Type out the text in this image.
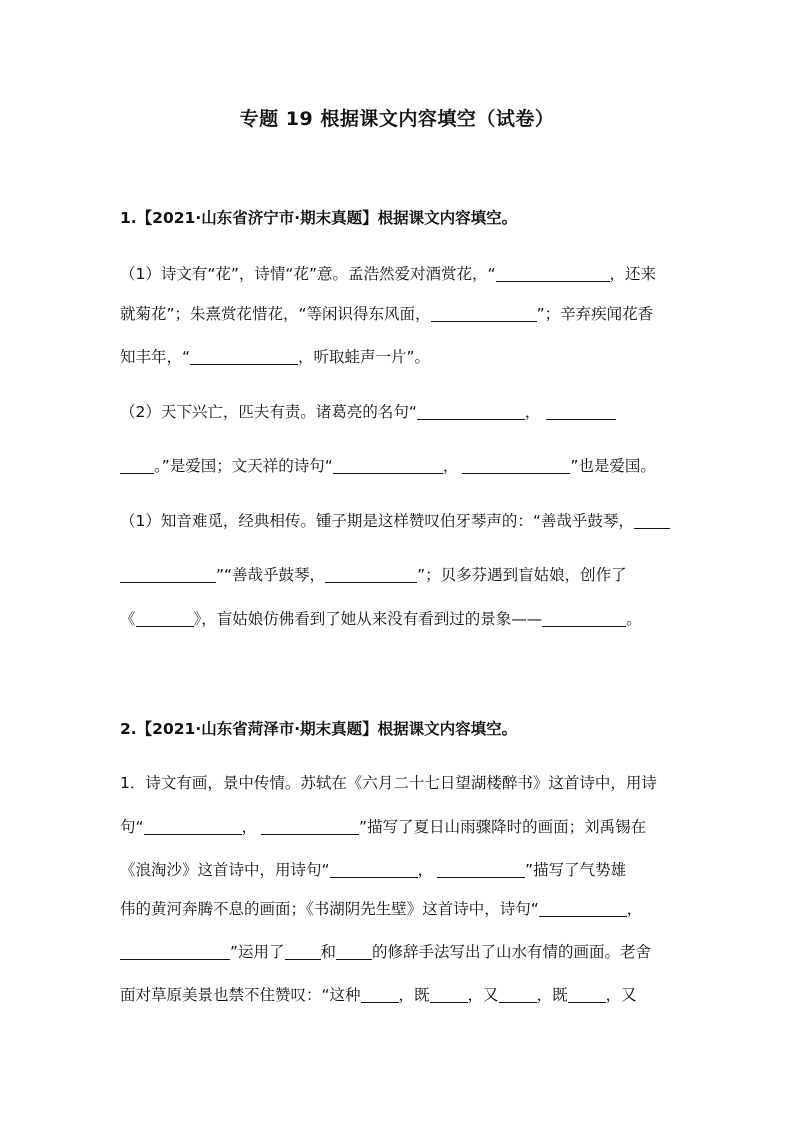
专题 19 根据课文内容填空（试卷）
1.【2021·山东省济宁市·期末真题】根据课文内容填空。
（1）诗文有“花”，诗情“花”意。孟浩然爱对酒赏花，“	，还来
就菊花”；朱熹赏花惜花，“等闲识得东风面，	”；辛弃疾闻花香
知丰年，“	，听取蛙声一片”。
（2）天下兴亡，匹夫有责。诸葛亮的名句“	，
。”是爱国；文天祥的诗句“	，	”也是爱国。
（1）知音难觅，经典相传。锺子期是这样赞叹伯牙琴声的：“善哉乎鼓琴，
”“善哉乎鼓琴，	”；贝多芬遇到盲姑娘，创作了
《	》，盲姑娘仿佛看到了她从来没有看到过的景象——	。
2.【2021·山东省菏泽市·期末真题】根据课文内容填空。
1．诗文有画，景中传情。苏轼在《六月二十七日望湖楼醉书》这首诗中，用诗
句“	，	”描写了夏日山雨骤降时的画面；刘禹锡在
《浪淘沙》这首诗中，用诗句“	，	”描写了气势雄
伟的黄河奔腾不息的画面；《书湖阴先生壁》这首诗中，诗句“	，
”运用了 和 的修辞手法写出了山水有情的画面。老舍
面对草原美景也禁不住赞叹：“这种 ，既 ，又 ，既 ，又
